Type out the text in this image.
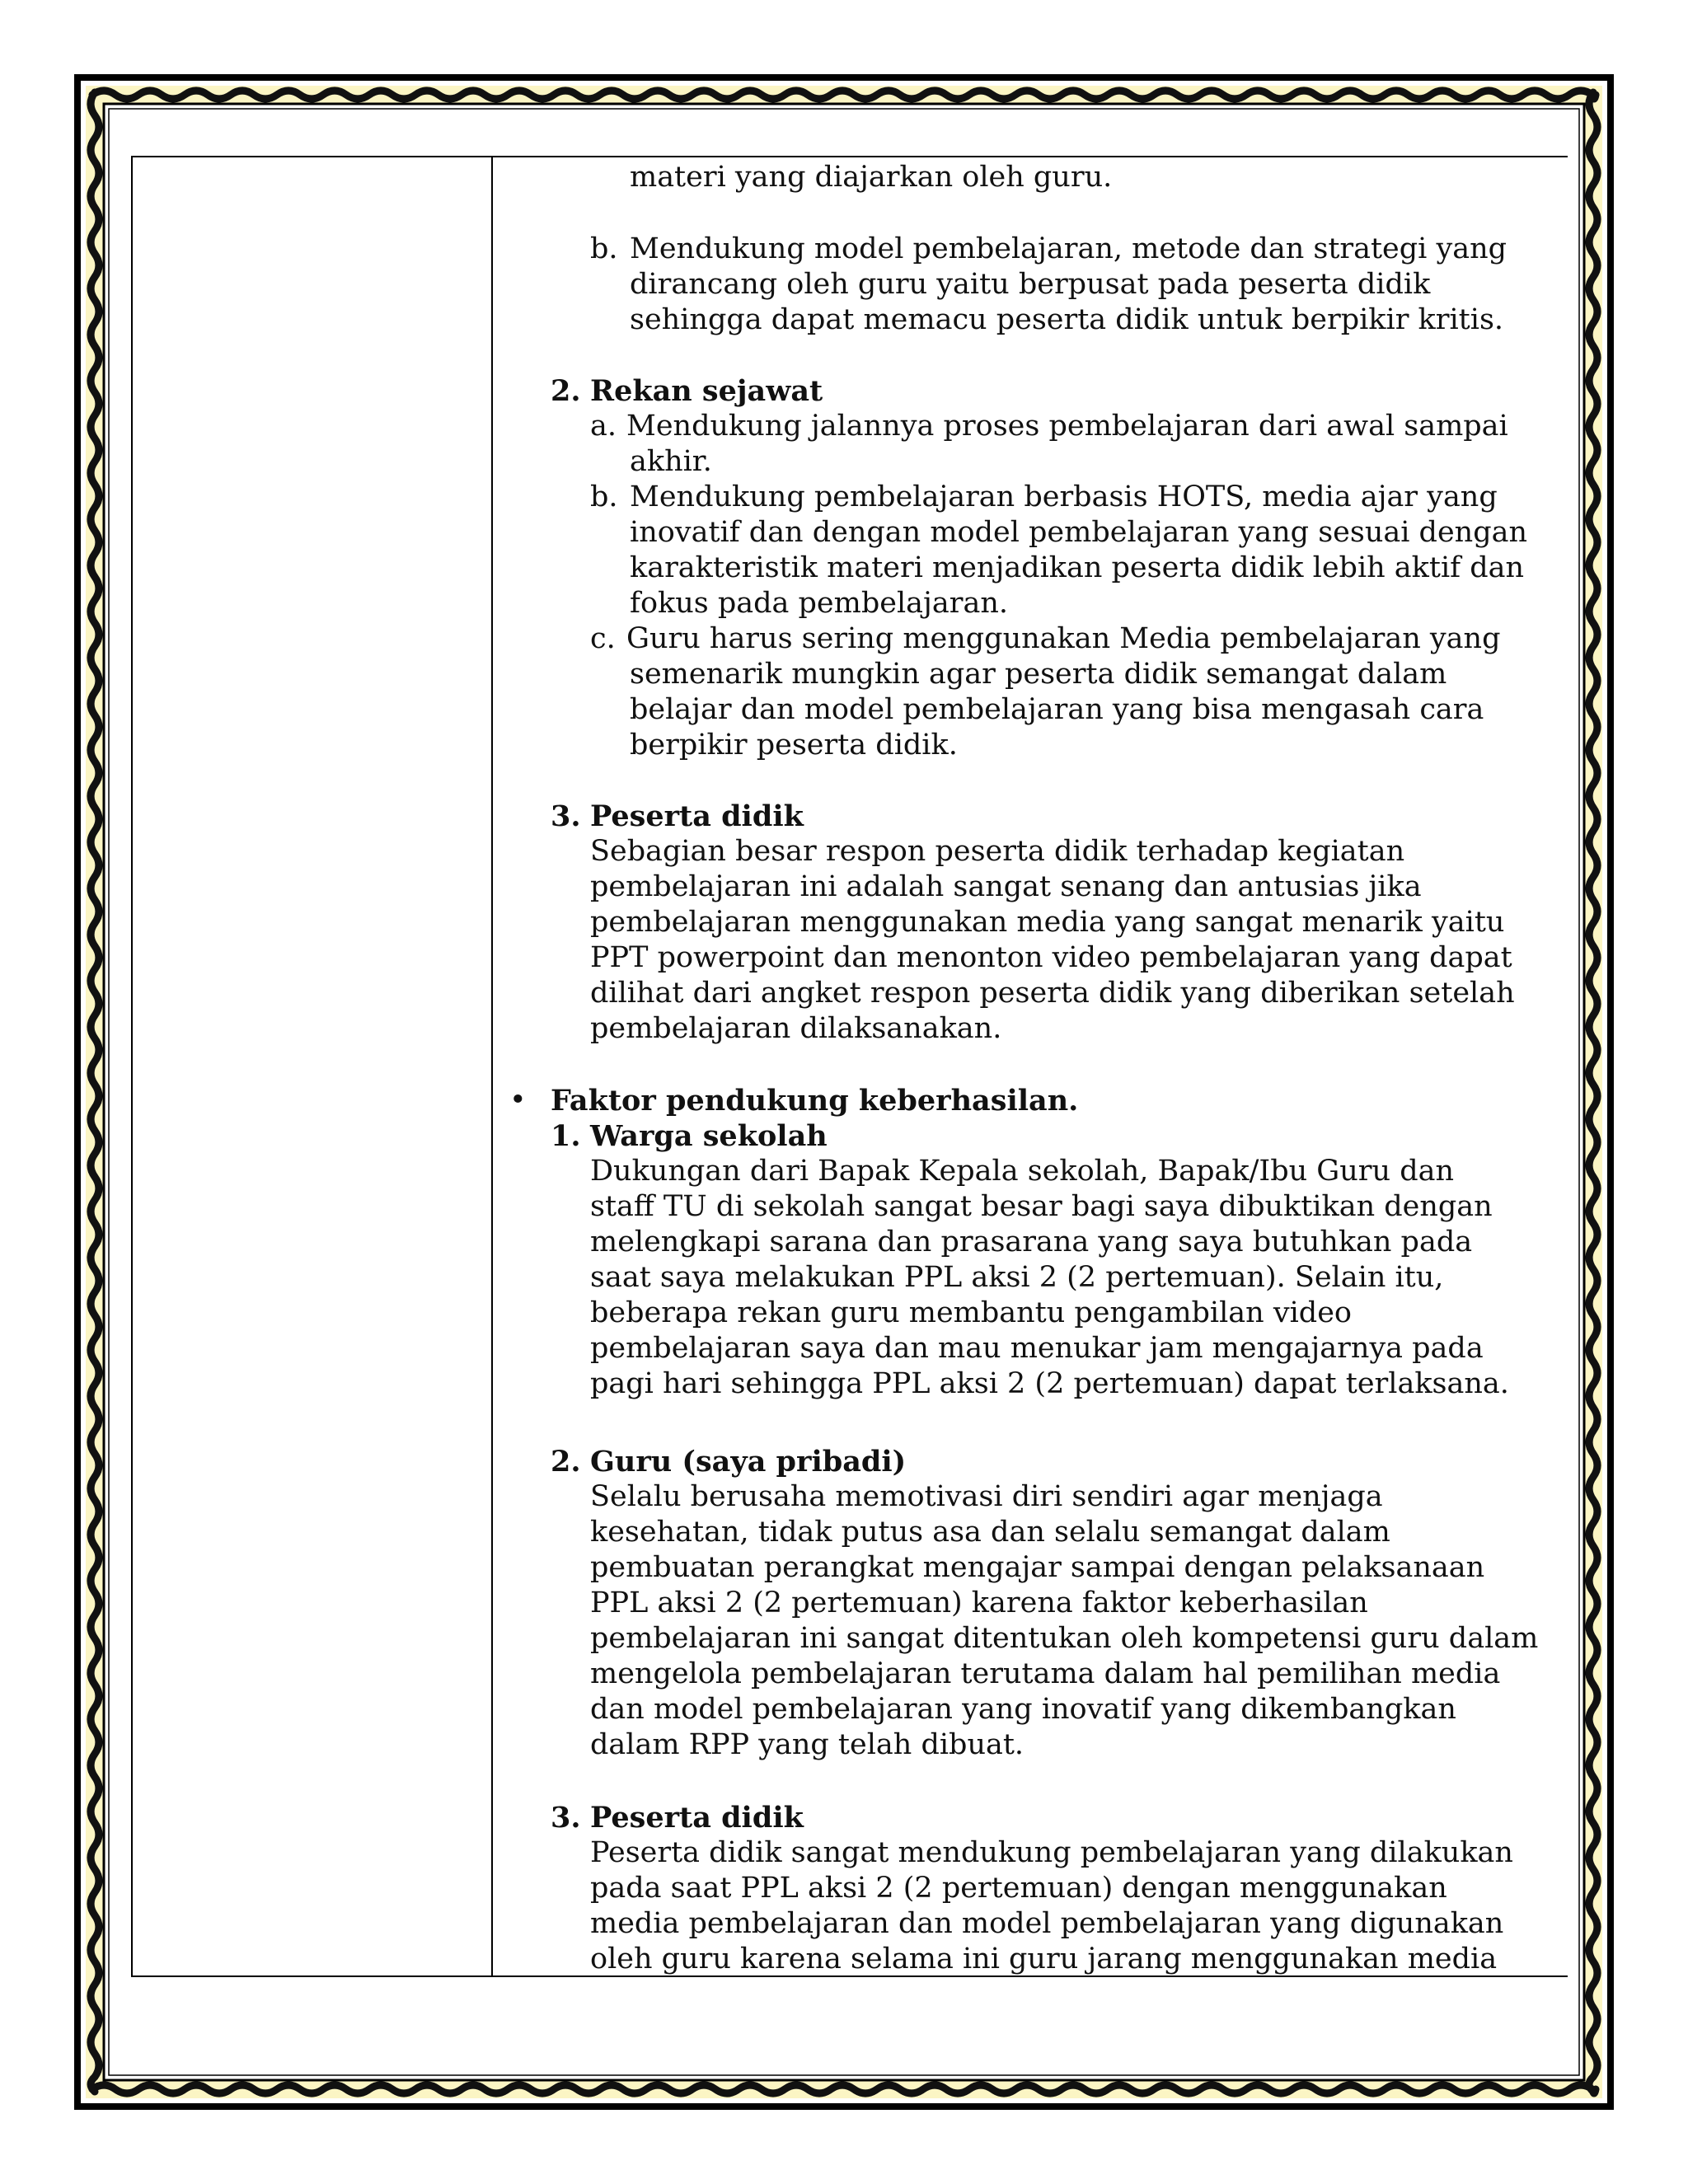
materi yang diajarkan oleh guru.
b. Mendukung model pembelajaran, metode dan strategi yang
dirancang oleh guru yaitu berpusat pada peserta didik
sehingga dapat memacu peserta didik untuk berpikir kritis.
2. Rekan sejawat
a. Mendukung jalannya proses pembelajaran dari awal sampai
akhir.
b. Mendukung pembelajaran berbasis HOTS, media ajar yang
inovatif dan dengan model pembelajaran yang sesuai dengan
karakteristik materi menjadikan peserta didik lebih aktif dan
fokus pada pembelajaran.
c. Guru harus sering menggunakan Media pembelajaran yang
semenarik mungkin agar peserta didik semangat dalam
belajar dan model pembelajaran yang bisa mengasah cara
berpikir peserta didik.
3. Peserta didik
Sebagian besar respon peserta didik terhadap kegiatan
pembelajaran ini adalah sangat senang dan antusias jika
pembelajaran menggunakan media yang sangat menarik yaitu
PPT powerpoint dan menonton video pembelajaran yang dapat
dilihat dari angket respon peserta didik yang diberikan setelah
pembelajaran dilaksanakan.
• Faktor pendukung keberhasilan.
1. Warga sekolah
Dukungan dari Bapak Kepala sekolah, Bapak/Ibu Guru dan
staff TU di sekolah sangat besar bagi saya dibuktikan dengan
melengkapi sarana dan prasarana yang saya butuhkan pada
saat saya melakukan PPL aksi 2 (2 pertemuan). Selain itu,
beberapa rekan guru membantu pengambilan video
pembelajaran saya dan mau menukar jam mengajarnya pada
pagi hari sehingga PPL aksi 2 (2 pertemuan) dapat terlaksana.
2. Guru (saya pribadi)
Selalu berusaha memotivasi diri sendiri agar menjaga
kesehatan, tidak putus asa dan selalu semangat dalam
pembuatan perangkat mengajar sampai dengan pelaksanaan
PPL aksi 2 (2 pertemuan) karena faktor keberhasilan
pembelajaran ini sangat ditentukan oleh kompetensi guru dalam
mengelola pembelajaran terutama dalam hal pemilihan media
dan model pembelajaran yang inovatif yang dikembangkan
dalam RPP yang telah dibuat.
3. Peserta didik
Peserta didik sangat mendukung pembelajaran yang dilakukan
pada saat PPL aksi 2 (2 pertemuan) dengan menggunakan
media pembelajaran dan model pembelajaran yang digunakan
oleh guru karena selama ini guru jarang menggunakan media
